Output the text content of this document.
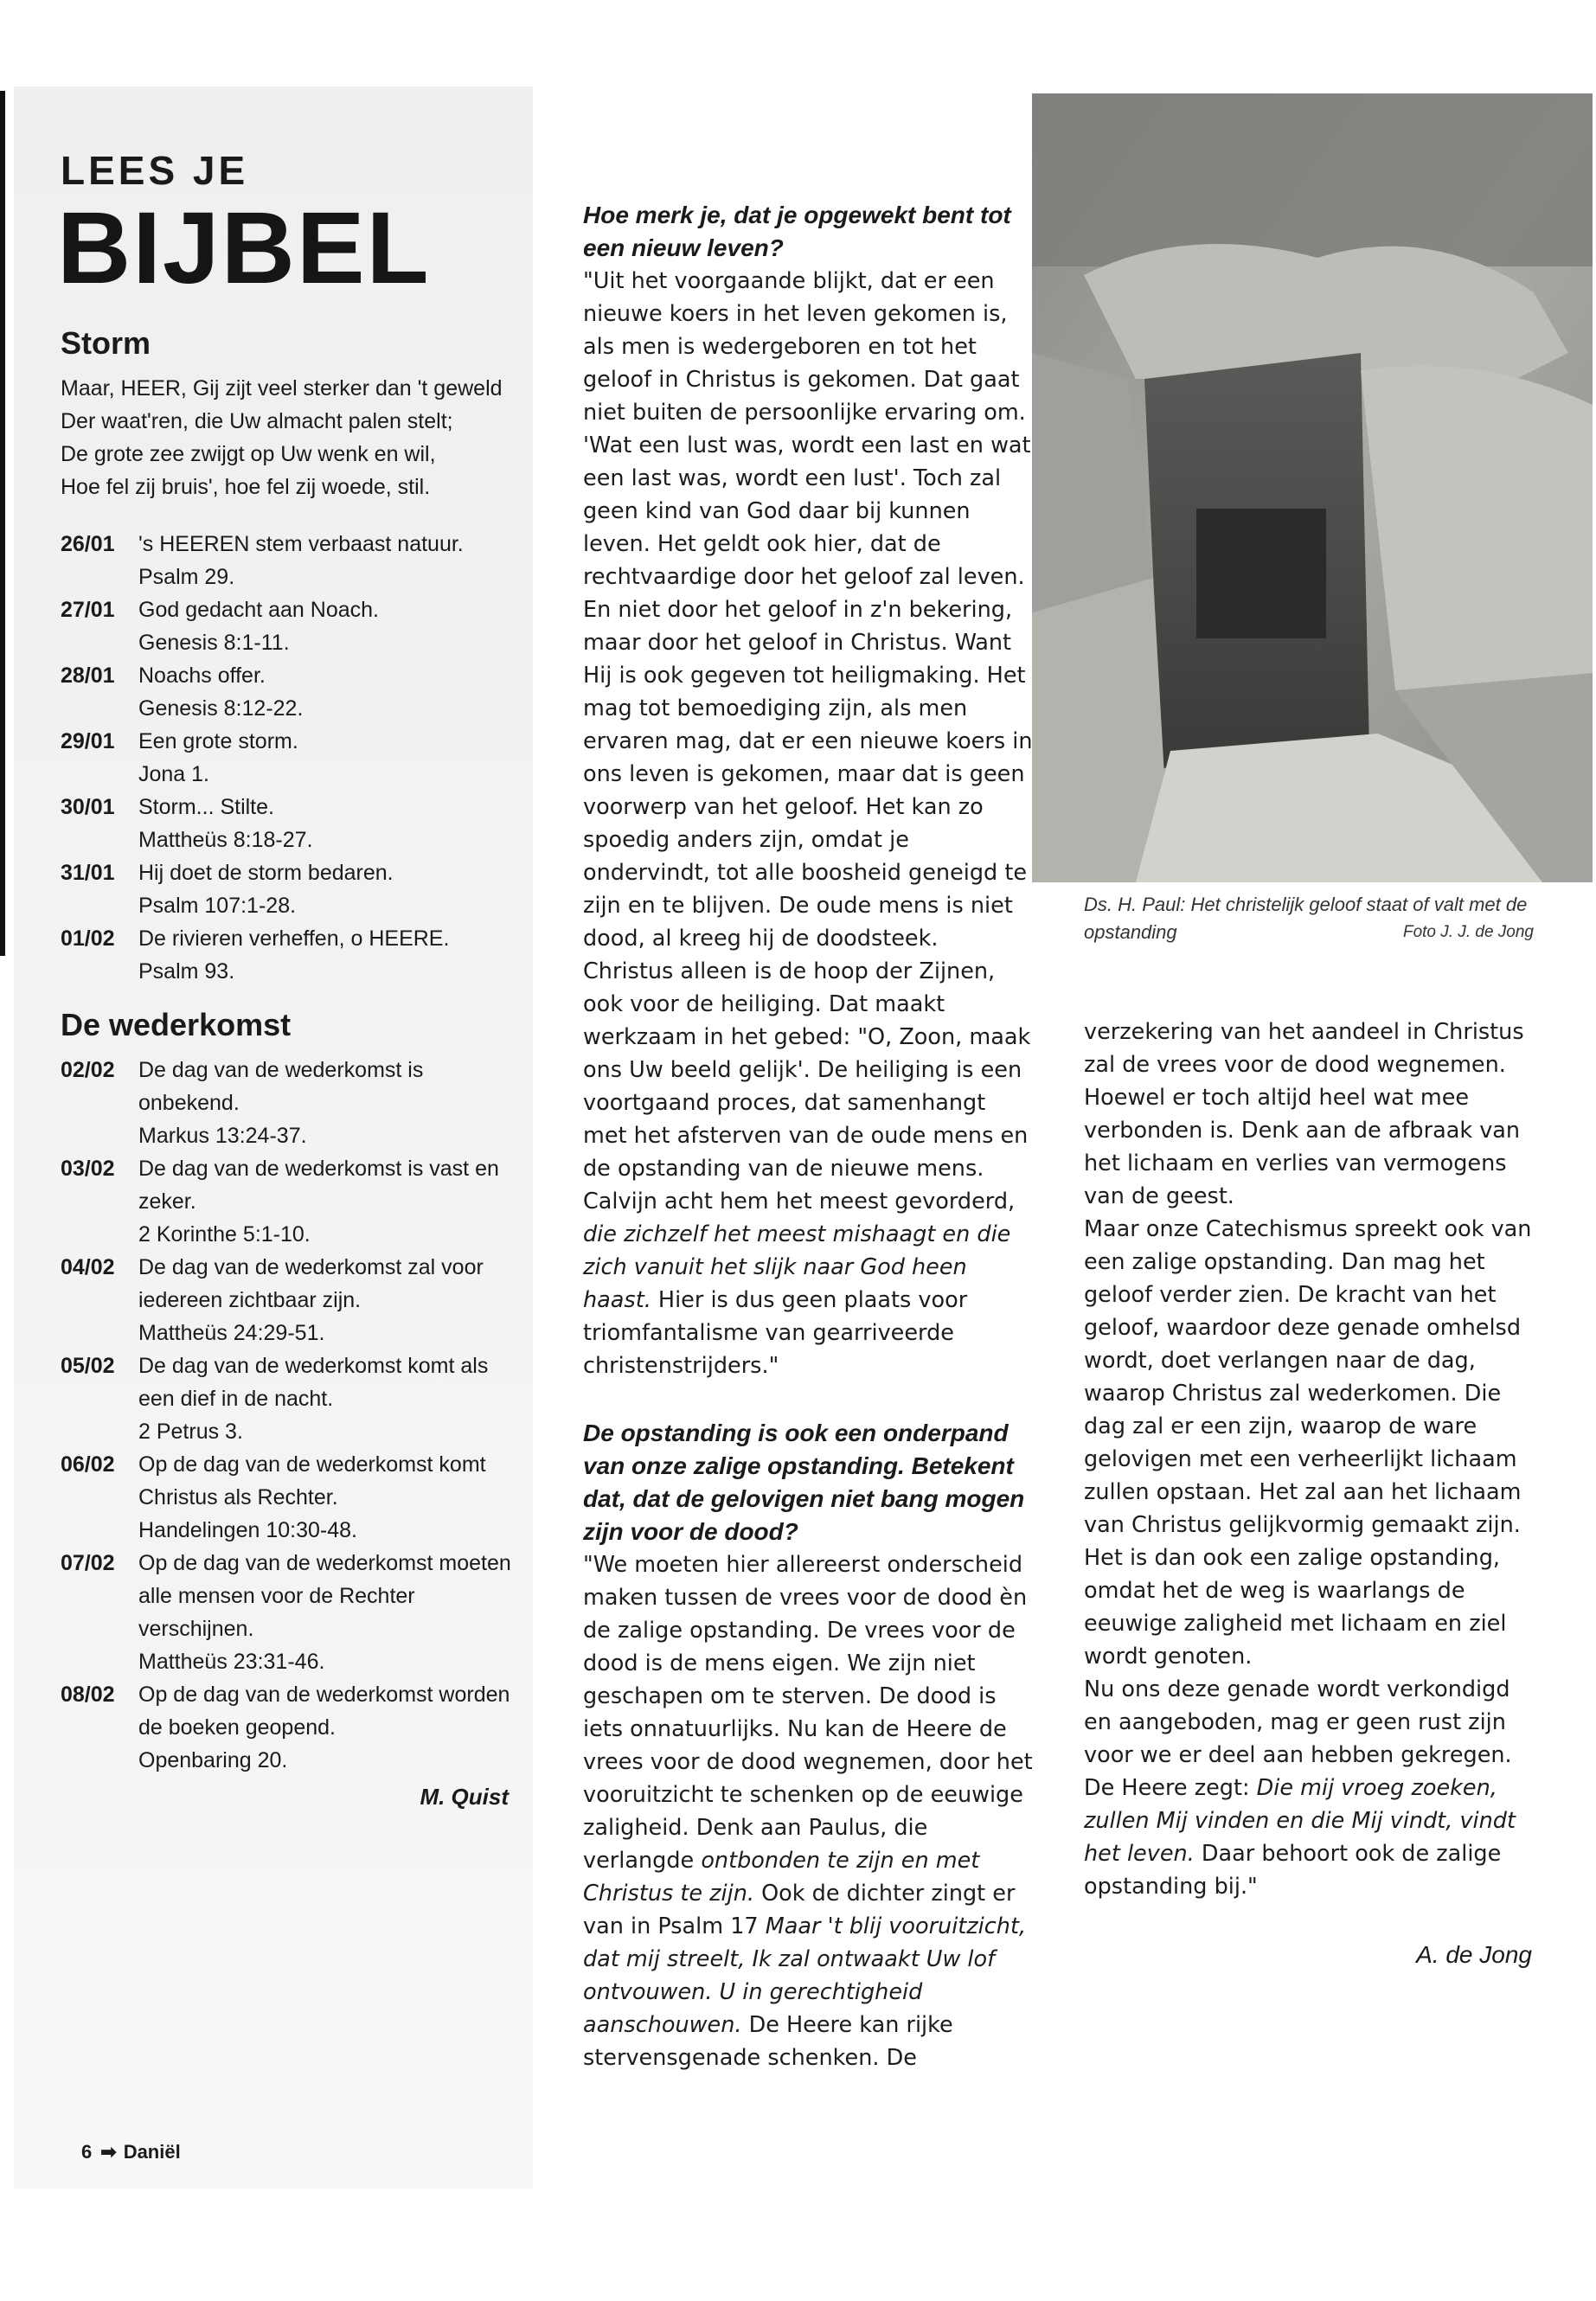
LEES JE

BIJBEL
Storm
Maar, HEER, Gij zijt veel sterker dan 't geweld
Der waat'ren, die Uw almacht palen stelt;
De grote zee zwijgt op Uw wenk en wil,
Hoe fel zij bruis', hoe fel zij woede, stil.
26/01	's HEEREN stem verbaast natuur.
Psalm 29.
27/01	God gedacht aan Noach.
Genesis 8:1-11.
28/01	Noachs offer.
Genesis 8:12-22.
29/01	Een grote storm.
Jona 1.
30/01	Storm... Stilte.
Mattheüs 8:18-27.
31/01	Hij doet de storm bedaren.
Psalm 107:1-28.
01/02	De rivieren verheffen, o HEERE.
Psalm 93.
De wederkomst
02/02	De dag van de wederkomst is onbekend.
Markus 13:24-37.
03/02	De dag van de wederkomst is vast en zeker.
2 Korinthe 5:1-10.
04/02	De dag van de wederkomst zal voor iedereen zichtbaar zijn.
Mattheüs 24:29-51.
05/02	De dag van de wederkomst komt als een dief in de nacht.
2 Petrus 3.
06/02	Op de dag van de wederkomst komt Christus als Rechter.
Handelingen 10:30-48.
07/02	Op de dag van de wederkomst moeten alle mensen voor de Rechter verschijnen.
Mattheüs 23:31-46.
08/02	Op de dag van de wederkomst worden de boeken geopend.
Openbaring 20.
M. Quist
6 ➡ Daniël

Hoe merk je, dat je opgewekt bent tot een nieuw leven?

"Uit het voorgaande blijkt, dat er een nieuwe koers in het leven gekomen is, als men is wedergeboren en tot het geloof in Christus is gekomen. Dat gaat niet buiten de persoonlijke ervaring om. 'Wat een lust was, wordt een last en wat een last was, wordt een lust'. Toch zal geen kind van God daar bij kunnen leven. Het geldt ook hier, dat de rechtvaardige door het geloof zal leven. En niet door het geloof in z'n bekering, maar door het geloof in Christus. Want Hij is ook gegeven tot heiligmaking. Het mag tot bemoediging zijn, als men ervaren mag, dat er een nieuwe koers in ons leven is gekomen, maar dat is geen voorwerp van het geloof. Het kan zo spoedig anders zijn, omdat je ondervindt, tot alle boosheid geneigd te zijn en te blijven. De oude mens is niet dood, al kreeg hij de doodsteek. Christus alleen is de hoop der Zijnen, ook voor de heiliging. Dat maakt werkzaam in het gebed: "O, Zoon, maak ons Uw beeld gelijk'. De heiliging is een voortgaand proces, dat samenhangt met het afsterven van de oude mens en de opstanding van de nieuwe mens. Calvijn acht hem het meest gevorderd, die zichzelf het meest mishaagt en die zich vanuit het slijk naar God heen haast. Hier is dus geen plaats voor triomfantalisme van gearriveerde christenstrijders."

De opstanding is ook een onderpand van onze zalige opstanding. Betekent dat, dat de gelovigen niet bang mogen zijn voor de dood?

"We moeten hier allereerst onderscheid maken tussen de vrees voor de dood èn de zalige opstanding. De vrees voor de dood is de mens eigen. We zijn niet geschapen om te sterven. De dood is iets onnatuurlijks. Nu kan de Heere de vrees voor de dood wegnemen, door het vooruitzicht te schenken op de eeuwige zaligheid. Denk aan Paulus, die verlangde ontbonden te zijn en met Christus te zijn. Ook de dichter zingt er van in Psalm 17 Maar 't blij vooruitzicht, dat mij streelt, Ik zal ontwaakt Uw lof ontvouwen. U in gerechtigheid aanschouwen. De Heere kan rijke stervensgenade schenken. De

Ds. H. Paul: Het christelijk geloof staat of valt met de opstanding	Foto J. J. de Jong

verzekering van het aandeel in Christus zal de vrees voor de dood wegnemen. Hoewel er toch altijd heel wat mee verbonden is. Denk aan de afbraak van het lichaam en verlies van vermogens van de geest.

Maar onze Catechismus spreekt ook van een zalige opstanding. Dan mag het geloof verder zien. De kracht van het geloof, waardoor deze genade omhelsd wordt, doet verlangen naar de dag, waarop Christus zal wederkomen. Die dag zal er een zijn, waarop de ware gelovigen met een verheerlijkt lichaam zullen opstaan. Het zal aan het lichaam van Christus gelijkvormig gemaakt zijn. Het is dan ook een zalige opstanding, omdat het de weg is waarlangs de eeuwige zaligheid met lichaam en ziel wordt genoten.

Nu ons deze genade wordt verkondigd en aangeboden, mag er geen rust zijn voor we er deel aan hebben gekregen. De Heere zegt: Die mij vroeg zoeken, zullen Mij vinden en die Mij vindt, vindt het leven. Daar behoort ook de zalige opstanding bij."

A. de Jong
